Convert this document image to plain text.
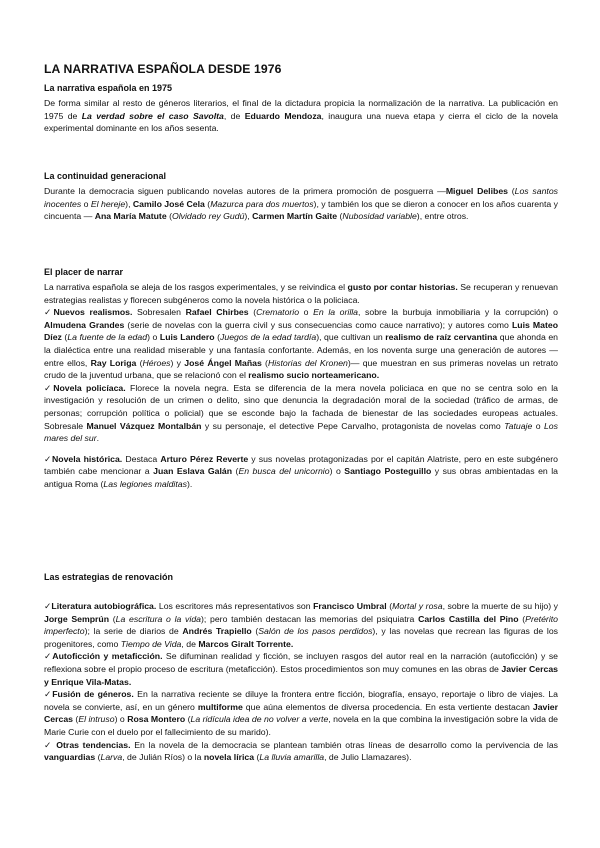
LA NARRATIVA ESPAÑOLA DESDE 1976
La narrativa española en 1975

De forma similar al resto de géneros literarios, el final de la dictadura propicia la normalización de la narrativa. La publicación en 1975 de La verdad sobre el caso Savolta, de Eduardo Mendoza, inaugura una nueva etapa y cierra el ciclo de la novela experimental dominante en los años sesenta.

La continuidad generacional

Durante la democracia siguen publicando novelas autores de la primera promoción de posguerra —Miguel Delibes (Los santos inocentes o El hereje), Camilo José Cela (Mazurca para dos muertos), y también los que se dieron a conocer en los años cuarenta y cincuenta — Ana María Matute (Olvidado rey Gudú), Carmen Martín Gaite (Nubosidad variable), entre otros.

El placer de narrar

La narrativa española se aleja de los rasgos experimentales, y se reivindica el gusto por contar historias. Se recuperan y renuevan estrategias realistas y florecen subgéneros como la novela histórica o la policiaca.

✓Nuevos realismos. Sobresalen Rafael Chirbes (Crematorio o En la orilla, sobre la burbuja inmobiliaria y la corrupción) o Almudena Grandes (serie de novelas con la guerra civil y sus consecuencias como cauce narrativo); y autores como Luis Mateo Díez (La fuente de la edad) o Luis Landero (Juegos de la edad tardía), que cultivan un realismo de raíz cervantina que ahonda en la dialéctica entre una realidad miserable y una fantasía confortante. Además, en los noventa surge una generación de autores —entre ellos, Ray Loriga (Héroes) y José Ángel Mañas (Historias del Kronen)— que muestran en sus primeras novelas un retrato crudo de la juventud urbana, que se relacionó con el realismo sucio norteamericano.

✓Novela policíaca. Florece la novela negra. Esta se diferencia de la mera novela policiaca en que no se centra solo en la investigación y resolución de un crimen o delito, sino que denuncia la degradación moral de la sociedad (tráfico de armas, de personas; corrupción política o policial) que se esconde bajo la fachada de bienestar de las sociedades europeas actuales. Sobresale Manuel Vázquez Montalbán y su personaje, el detective Pepe Carvalho, protagonista de novelas como Tatuaje o Los mares del sur.

✓Novela histórica. Destaca Arturo Pérez Reverte y sus novelas protagonizadas por el capitán Alatriste, pero en este subgénero también cabe mencionar a Juan Eslava Galán (En busca del unicornio) o Santiago Posteguillo y sus obras ambientadas en la antigua Roma (Las legiones malditas).

Las estrategias de renovación

✓Literatura autobiográfica. Los escritores más representativos son Francisco Umbral (Mortal y rosa, sobre la muerte de su hijo) y Jorge Semprún (La escritura o la vida); pero también destacan las memorias del psiquiatra Carlos Castilla del Pino (Pretérito imperfecto); la serie de diarios de Andrés Trapiello (Salón de los pasos perdidos), y las novelas que recrean las figuras de los progenitores, como Tiempo de Vida, de Marcos Giralt Torrente.

✓Autoficción y metaficción. Se difuminan realidad y ficción, se incluyen rasgos del autor real en la narración (autoficción) y se reflexiona sobre el propio proceso de escritura (metaficción). Estos procedimientos son muy comunes en las obras de Javier Cercas y Enrique Vila-Matas.

✓Fusión de géneros. En la narrativa reciente se diluye la frontera entre ficción, biografía, ensayo, reportaje o libro de viajes. La novela se convierte, así, en un género multiforme que aúna elementos de diversa procedencia. En esta vertiente destacan Javier Cercas (El intruso) o Rosa Montero (La ridícula idea de no volver a verte, novela en la que combina la investigación sobre la vida de Marie Curie con el duelo por el fallecimiento de su marido).

✓ Otras tendencias. En la novela de la democracia se plantean también otras líneas de desarrollo como la pervivencia de las vanguardias (Larva, de Julián Ríos) o la novela lírica (La lluvia amarilla, de Julio Llamazares).
